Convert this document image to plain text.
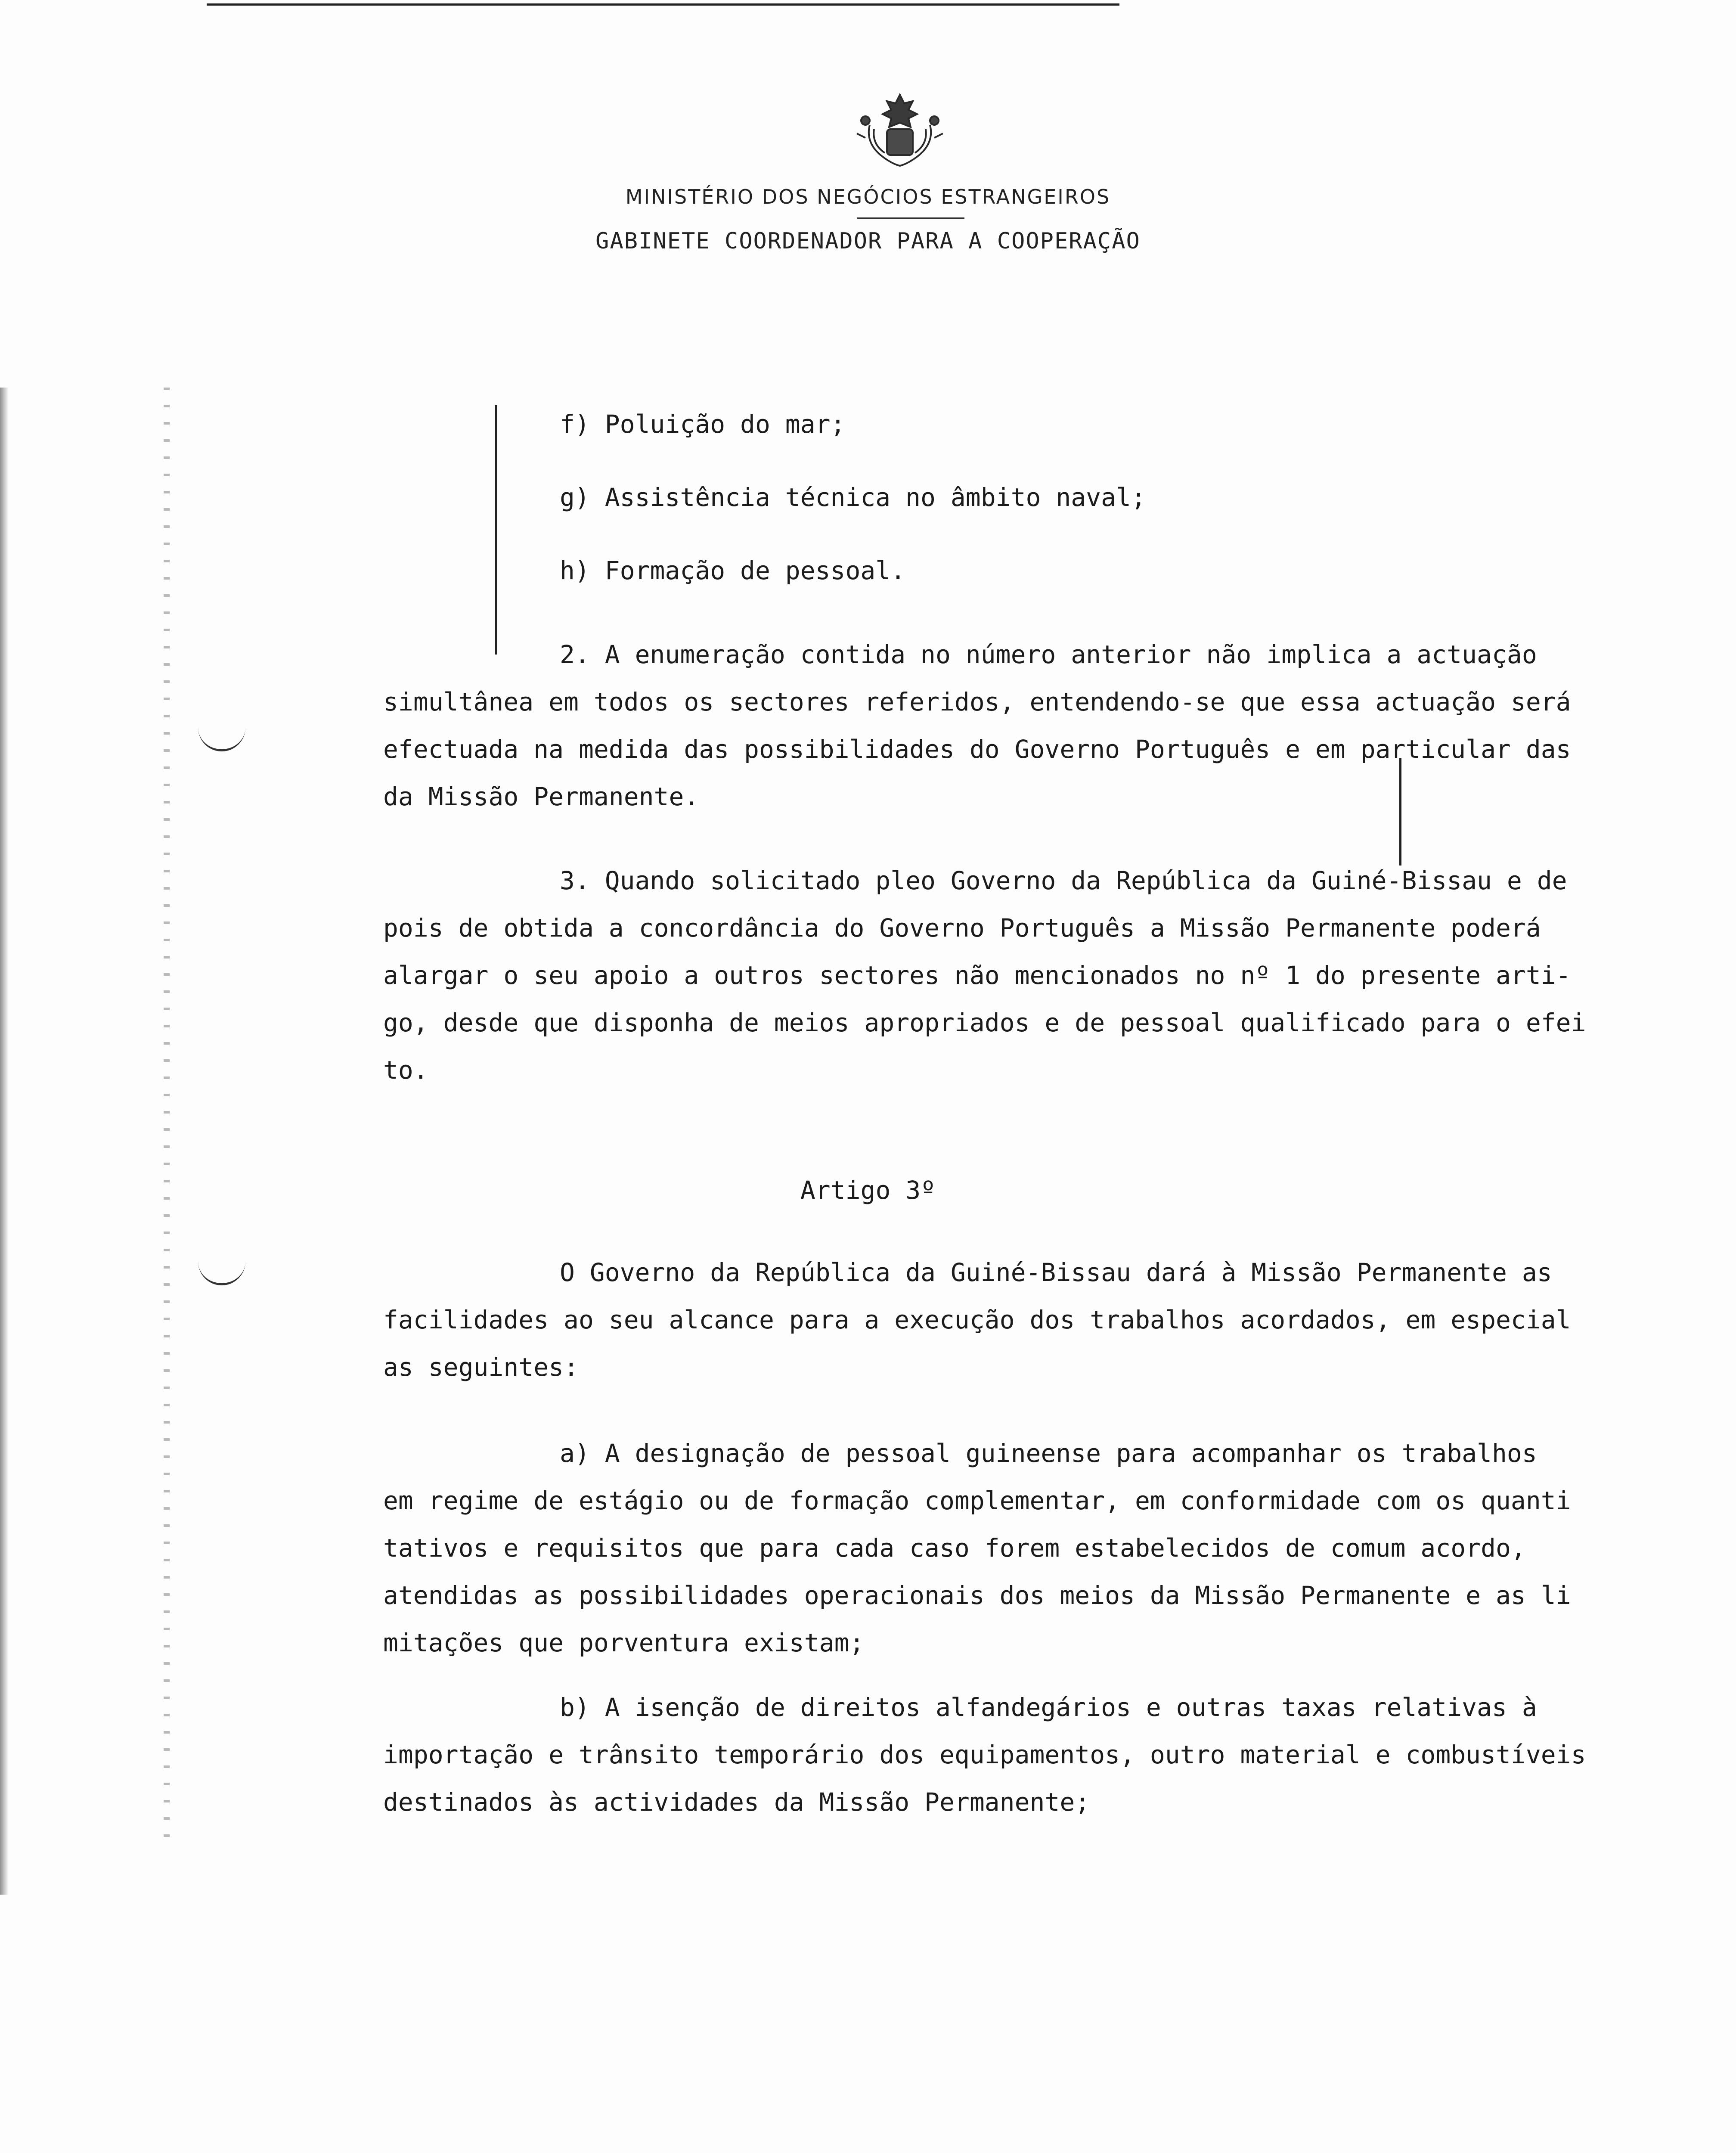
MINISTÉRIO DOS NEGÓCIOS ESTRANGEIROS
GABINETE COORDENADOR PARA A COOPERAÇÃO
f) Poluição do mar;
g) Assistência técnica no âmbito naval;
h) Formação de pessoal.
2. A enumeração contida no número anterior não implica a actuação
simultânea em todos os sectores referidos, entendendo-se que essa actuação será
efectuada na medida das possibilidades do Governo Português e em particular das
da Missão Permanente.
3. Quando solicitado pleo Governo da República da Guiné-Bissau e de
pois de obtida a concordância do Governo Português a Missão Permanente poderá
alargar o seu apoio a outros sectores não mencionados no nº 1 do presente arti-
go, desde que disponha de meios apropriados e de pessoal qualificado para o efei
to.
Artigo 3º
O Governo da República da Guiné-Bissau dará à Missão Permanente as
facilidades ao seu alcance para a execução dos trabalhos acordados, em especial
as seguintes:
a) A designação de pessoal guineense para acompanhar os trabalhos
em regime de estágio ou de formação complementar, em conformidade com os quanti
tativos e requisitos que para cada caso forem estabelecidos de comum acordo,
atendidas as possibilidades operacionais dos meios da Missão Permanente e as li
mitações que porventura existam;
b) A isenção de direitos alfandegários e outras taxas relativas à
importação e trânsito temporário dos equipamentos, outro material e combustíveis
destinados às actividades da Missão Permanente;
